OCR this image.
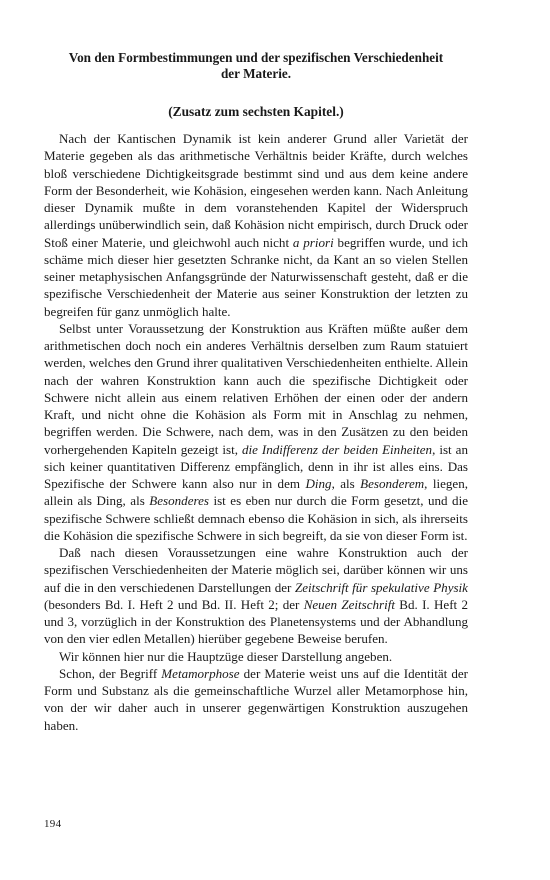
Von den Formbestimmungen und der spezifischen Verschiedenheit
der Materie.
(Zusatz zum sechsten Kapitel.)

Nach der Kantischen Dynamik ist kein anderer Grund aller Varietät der Materie gegeben als das arithmetische Verhältnis beider Kräfte, durch welches bloß verschiedene Dichtigkeitsgrade bestimmt sind und aus dem keine andere Form der Besonderheit, wie Kohäsion, eingesehen werden kann. Nach Anleitung dieser Dynamik mußte in dem voranstehenden Kapitel der Widerspruch allerdings unüberwindlich sein, daß Kohäsion nicht empirisch, durch Druck oder Stoß einer Materie, und gleichwohl auch nicht a priori begriffen wurde, und ich schäme mich dieser hier gesetzten Schranke nicht, da Kant an so vielen Stellen seiner metaphysischen Anfangsgründe der Naturwissenschaft gesteht, daß er die spezifische Verschiedenheit der Materie aus seiner Konstruktion der letzten zu begreifen für ganz unmöglich halte.

Selbst unter Voraussetzung der Konstruktion aus Kräften müßte außer dem arithmetischen doch noch ein anderes Verhältnis derselben zum Raum statuiert werden, welches den Grund ihrer qualitativen Verschiedenheiten enthielte. Allein nach der wahren Konstruktion kann auch die spezifische Dichtigkeit oder Schwere nicht allein aus einem relativen Erhöhen der einen oder der andern Kraft, und nicht ohne die Kohäsion als Form mit in Anschlag zu nehmen, begriffen werden. Die Schwere, nach dem, was in den Zusätzen zu den beiden vorhergehenden Kapiteln gezeigt ist, die Indifferenz der beiden Einheiten, ist an sich keiner quantitativen Differenz empfänglich, denn in ihr ist alles eins. Das Spezifische der Schwere kann also nur in dem Ding, als Besonderem, liegen, allein als Ding, als Besonderes ist es eben nur durch die Form gesetzt, und die spezifische Schwere schließt demnach ebenso die Kohäsion in sich, als ihrerseits die Kohäsion die spezifische Schwere in sich begreift, da sie von dieser Form ist.

Daß nach diesen Voraussetzungen eine wahre Konstruktion auch der spezifischen Verschiedenheiten der Materie möglich sei, darüber können wir uns auf die in den verschiedenen Darstellungen der Zeitschrift für spekulative Physik (besonders Bd. I. Heft 2 und Bd. II. Heft 2; der Neuen Zeitschrift Bd. I. Heft 2 und 3, vorzüglich in der Konstruktion des Planetensystems und der Abhandlung von den vier edlen Metallen) hierüber gegebene Beweise berufen.

Wir können hier nur die Hauptzüge dieser Darstellung angeben.

Schon, der Begriff Metamorphose der Materie weist uns auf die Identität der Form und Substanz als die gemeinschaftliche Wurzel aller Metamorphose hin, von der wir daher auch in unserer gegenwärtigen Konstruktion auszugehen haben.

194
